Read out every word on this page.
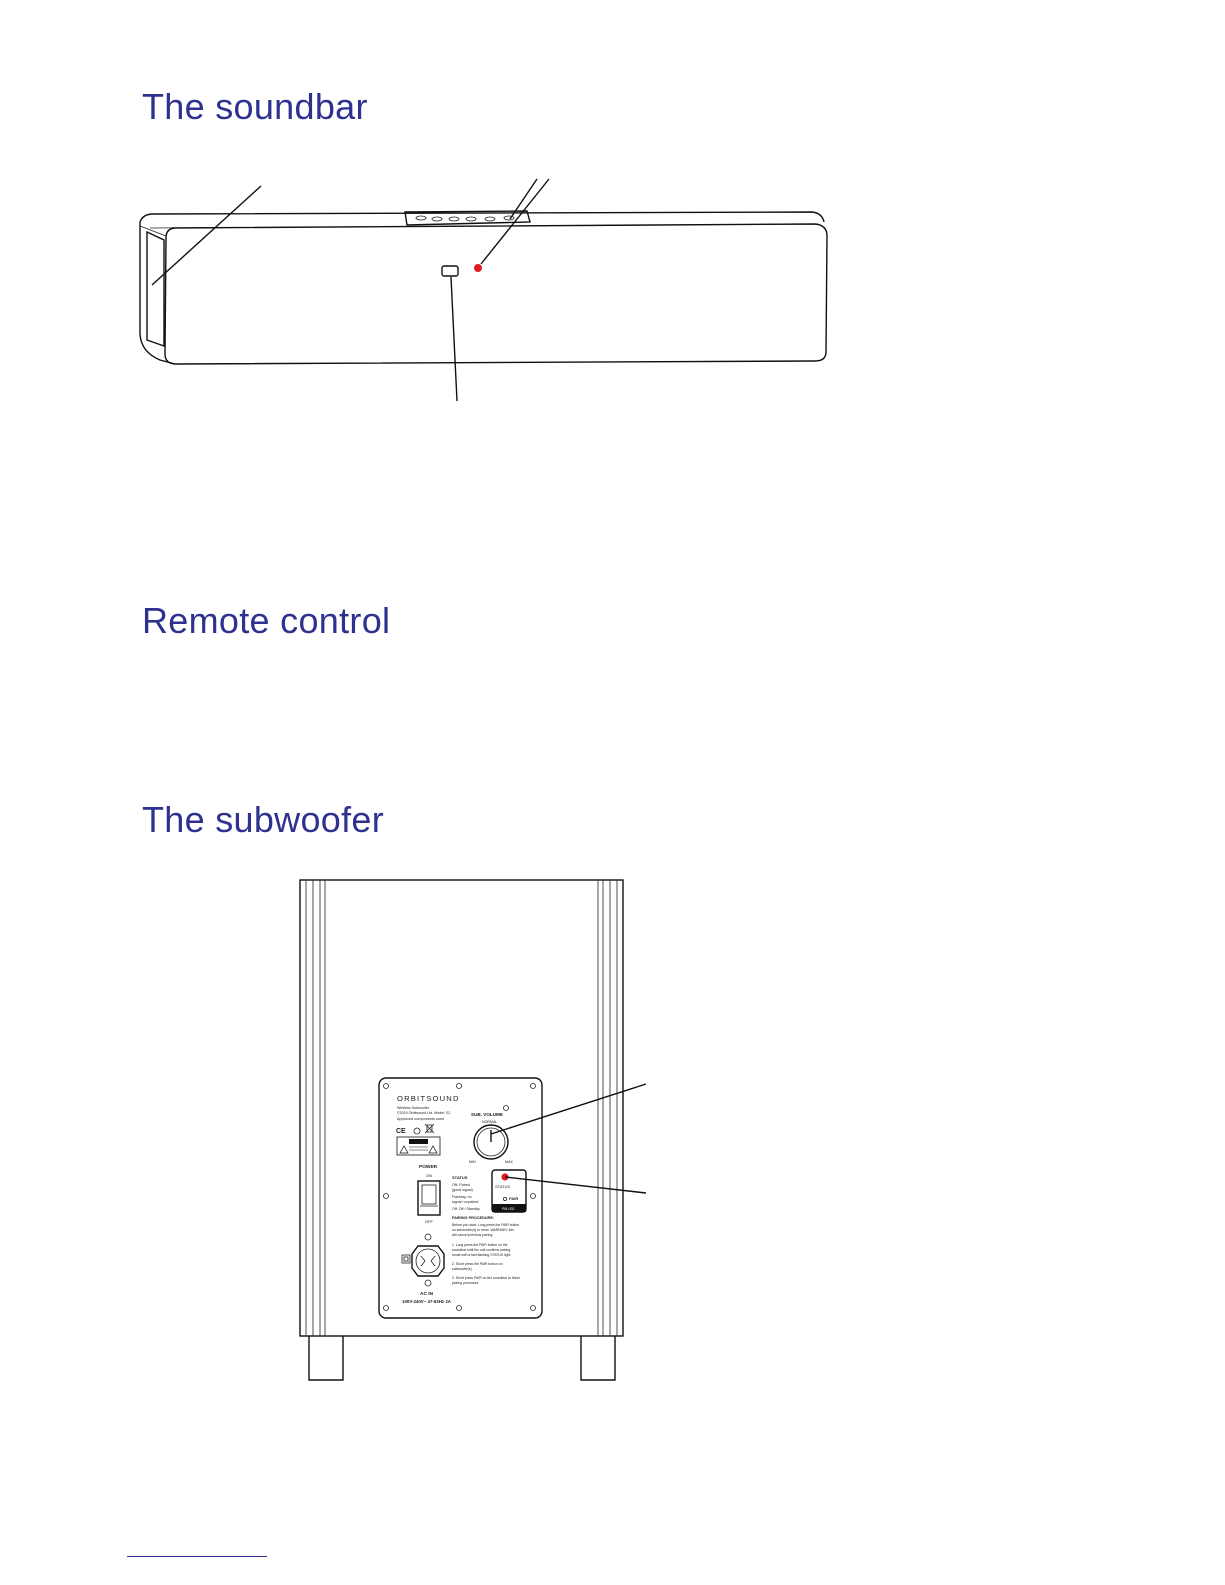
The soundbar
Remote control
The subwoofer
ORBITSOUND
Wireless Subwoofer
©2019 Orbitsound Ltd. Model: S2
Approved components used
CE
SUB. VOLUME
NORMAL
MIN	MAX
POWER
ON
OFF
STATUS
ON: Paired
(good signal)
Flashing: no
signal / unpaired
Off: Off / Standby
STATUS
PAIR
PIN LED
PAIRING PROCEDURE:
Before you start: Long press the PAIR button
on subwoofer(s) to reset. WARNING: this
will cancel previous pairing.
1. Long press the PAIR button on the
soundbar until the unit confirms pairing
mode with a fast flashing STATUS light.
2. Short press the PAIR button on
subwoofer(s).
3. Short press PAIR on the soundbar to finish
pairing procedure.
AC IN
100V-240V~ 47-63Hz 2A
